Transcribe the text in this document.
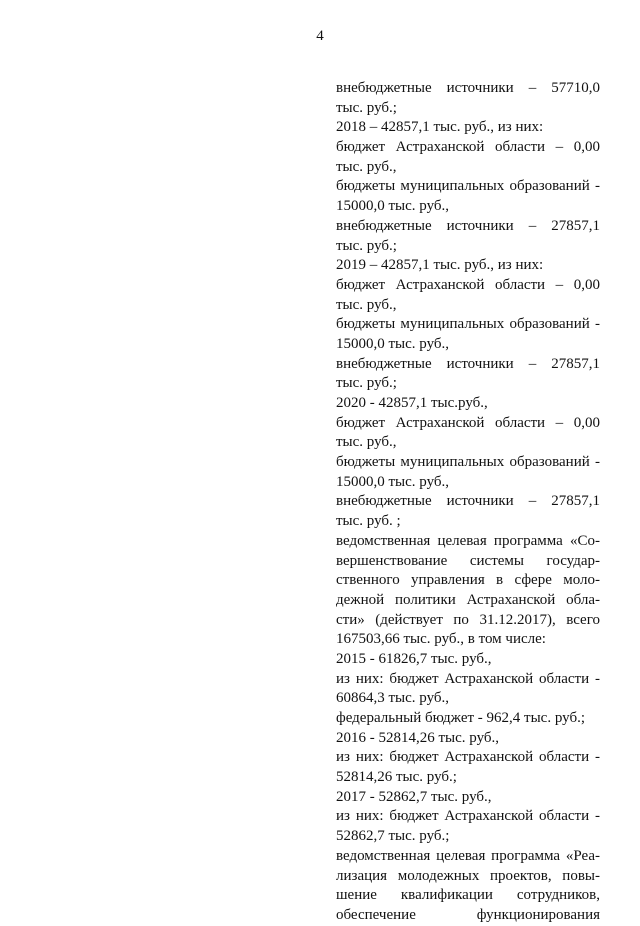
4
внебюджетные источники – 57710,0
тыс. руб.;
2018 – 42857,1 тыс. руб., из них:
бюджет Астраханской области – 0,00
тыс. руб.,
бюджеты муниципальных образований -
15000,0 тыс. руб.,
внебюджетные источники – 27857,1
тыс. руб.;
2019 – 42857,1 тыс. руб., из них:
бюджет Астраханской области – 0,00
тыс. руб.,
бюджеты муниципальных образований -
15000,0 тыс. руб.,
внебюджетные источники – 27857,1
тыс. руб.;
2020 - 42857,1 тыс.руб.,
бюджет Астраханской области – 0,00
тыс. руб.,
бюджеты муниципальных образований -
15000,0 тыс. руб.,
внебюджетные источники – 27857,1
тыс. руб. ;
ведомственная целевая программа «Со-
вершенствование системы государ-
ственного управления в сфере моло-
дежной политики Астраханской обла-
сти» (действует по 31.12.2017), всего
167503,66 тыс. руб., в том числе:
2015 - 61826,7 тыс. руб.,
из них: бюджет Астраханской области -
60864,3 тыс. руб.,
федеральный бюджет - 962,4 тыс. руб.;
2016 - 52814,26 тыс. руб.,
из них: бюджет Астраханской области -
52814,26 тыс. руб.;
2017 - 52862,7 тыс. руб.,
из них: бюджет Астраханской области -
52862,7 тыс. руб.;
ведомственная целевая программа «Реа-
лизация молодежных проектов, повы-
шение квалификации сотрудников,
обеспечение функционирования
